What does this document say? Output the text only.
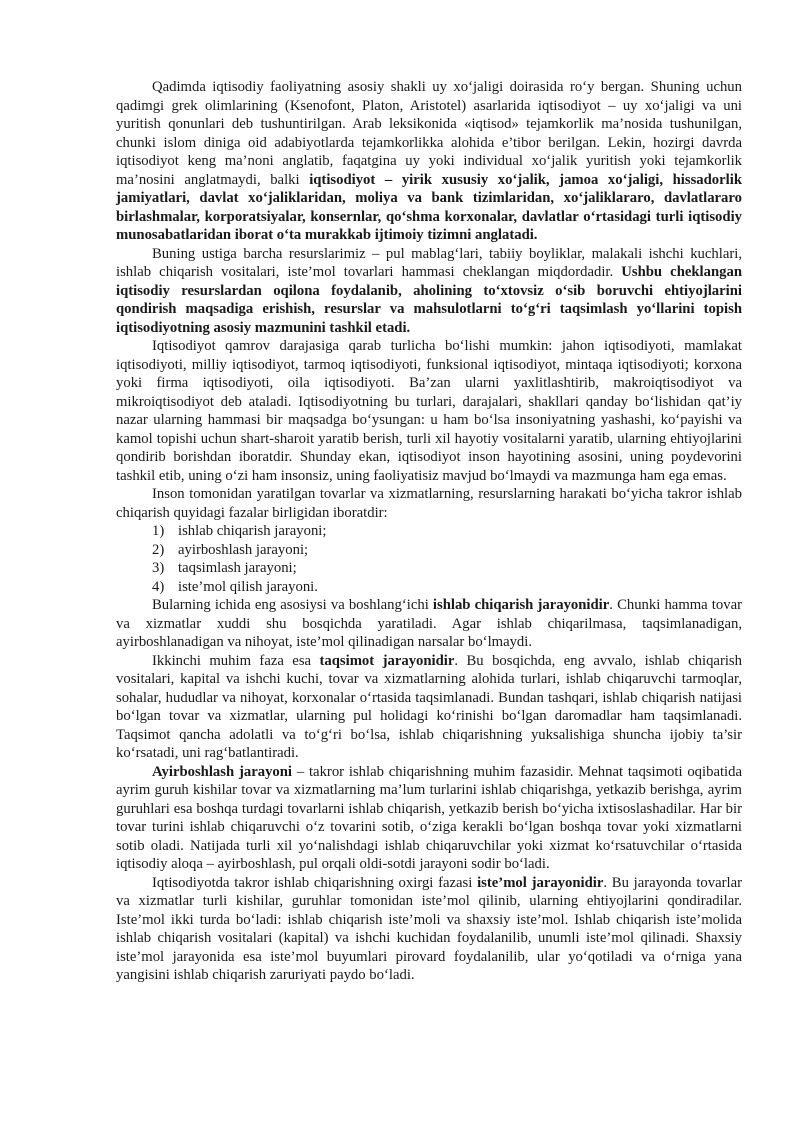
Qadimda iqtisodiy faoliyatning asosiy shakli uy xo‘jaligi doirasida ro‘y bergan. Shuning uchun qadimgi grek olimlarining (Ksenofont, Platon, Aristotel) asarlarida iqtisodiyot – uy xo‘jaligi va uni yuritish qonunlari deb tushuntirilgan. Arab leksikonida «iqtisod» tejamkorlik ma’nosida tushunilgan, chunki islom diniga oid adabiyotlarda tejamkorlikka alohida e’tibor berilgan. Lekin, hozirgi davrda iqtisodiyot keng ma’noni anglatib, faqatgina uy yoki individual xo‘jalik yuritish yoki tejamkorlik ma’nosini anglatmaydi, balki iqtisodiyot – yirik xususiy xo‘jalik, jamoa xo‘jaligi, hissadorlik jamiyatlari, davlat xo‘jaliklaridan, moliya va bank tizimlaridan, xo‘jaliklararo, davlatlararo birlashmalar, korporatsiyalar, konsernlar, qo‘shma korxonalar, davlatlar o‘rtasidagi turli iqtisodiy munosabatlaridan iborat o‘ta murakkab ijtimoiy tizimni anglatadi.

Buning ustiga barcha resurslarimiz – pul mablag‘lari, tabiiy boyliklar, malakali ishchi kuchlari, ishlab chiqarish vositalari, iste’mol tovarlari hammasi cheklangan miqdordadir. Ushbu cheklangan iqtisodiy resurslardan oqilona foydalanib, aholining to‘xtovsiz o‘sib boruvchi ehtiyojlarini qondirish maqsadiga erishish, resurslar va mahsulotlarni to‘g‘ri taqsimlash yo‘llarini topish iqtisodiyotning asosiy mazmunini tashkil etadi.

Iqtisodiyot qamrov darajasiga qarab turlicha bo‘lishi mumkin: jahon iqtisodiyoti, mamlakat iqtisodiyoti, milliy iqtisodiyot, tarmoq iqtisodiyoti, funksional iqtisodiyot, mintaqa iqtisodiyoti; korxona yoki firma iqtisodiyoti, oila iqtisodiyoti. Ba’zan ularni yaxlitlashtirib, makroiqtisodiyot va mikroiqtisodiyot deb ataladi. Iqtisodiyotning bu turlari, darajalari, shakllari qanday bo‘lishidan qat’iy nazar ularning hammasi bir maqsadga bo‘ysungan: u ham bo‘lsa insoniyatning yashashi, ko‘payishi va kamol topishi uchun shart-sharoit yaratib berish, turli xil hayotiy vositalarni yaratib, ularning ehtiyojlarini qondirib borishdan iboratdir. Shunday ekan, iqtisodiyot inson hayotining asosini, uning poydevorini tashkil etib, uning o‘zi ham insonsiz, uning faoliyatisiz mavjud bo‘lmaydi va mazmunga ham ega emas.

Inson tomonidan yaratilgan tovarlar va xizmatlarning, resurslarning harakati bo‘yicha takror ishlab chiqarish quyidagi fazalar birligidan iboratdir:

1) ishlab chiqarish jarayoni;
2) ayirboshlash jarayoni;
3) taqsimlash jarayoni;
4) iste’mol qilish jarayoni.

Bularning ichida eng asosiysi va boshlang‘ichi ishlab chiqarish jarayonidir. Chunki hamma tovar va xizmatlar xuddi shu bosqichda yaratiladi. Agar ishlab chiqarilmasa, taqsimlanadigan, ayirboshlanadigan va nihoyat, iste’mol qilinadigan narsalar bo‘lmaydi.

Ikkinchi muhim faza esa taqsimot jarayonidir. Bu bosqichda, eng avvalo, ishlab chiqarish vositalari, kapital va ishchi kuchi, tovar va xizmatlarning alohida turlari, ishlab chiqaruvchi tarmoqlar, sohalar, hududlar va nihoyat, korxonalar o‘rtasida taqsimlanadi. Bundan tashqari, ishlab chiqarish natijasi bo‘lgan tovar va xizmatlar, ularning pul holidagi ko‘rinishi bo‘lgan daromadlar ham taqsimlanadi. Taqsimot qancha adolatli va to‘g‘ri bo‘lsa, ishlab chiqarishning yuksalishiga shuncha ijobiy ta’sir ko‘rsatadi, uni rag‘batlantiradi.

Ayirboshlash jarayoni – takror ishlab chiqarishning muhim fazasidir. Mehnat taqsimoti oqibatida ayrim guruh kishilar tovar va xizmatlarning ma’lum turlarini ishlab chiqarishga, yetkazib berishga, ayrim guruhlari esa boshqa turdagi tovarlarni ishlab chiqarish, yetkazib berish bo‘yicha ixtisoslashadilar. Har bir tovar turini ishlab chiqaruvchi o‘z tovarini sotib, o‘ziga kerakli bo‘lgan boshqa tovar yoki xizmatlarni sotib oladi. Natijada turli xil yo‘nalishdagi ishlab chiqaruvchilar yoki xizmat ko‘rsatuvchilar o‘rtasida iqtisodiy aloqa – ayirboshlash, pul orqali oldi-sotdi jarayoni sodir bo‘ladi.

Iqtisodiyotda takror ishlab chiqarishning oxirgi fazasi iste’mol jarayonidir. Bu jarayonda tovarlar va xizmatlar turli kishilar, guruhlar tomonidan iste’mol qilinib, ularning ehtiyojlarini qondiradilar. Iste’mol ikki turda bo‘ladi: ishlab chiqarish iste’moli va shaxsiy iste’mol. Ishlab chiqarish iste’molida ishlab chiqarish vositalari (kapital) va ishchi kuchidan foydalanilib, unumli iste’mol qilinadi. Shaxsiy iste’mol jarayonida esa iste’mol buyumlari pirovard foydalanilib, ular yo‘qotiladi va o‘rniga yana yangisini ishlab chiqarish zaruriyati paydo bo‘ladi.
